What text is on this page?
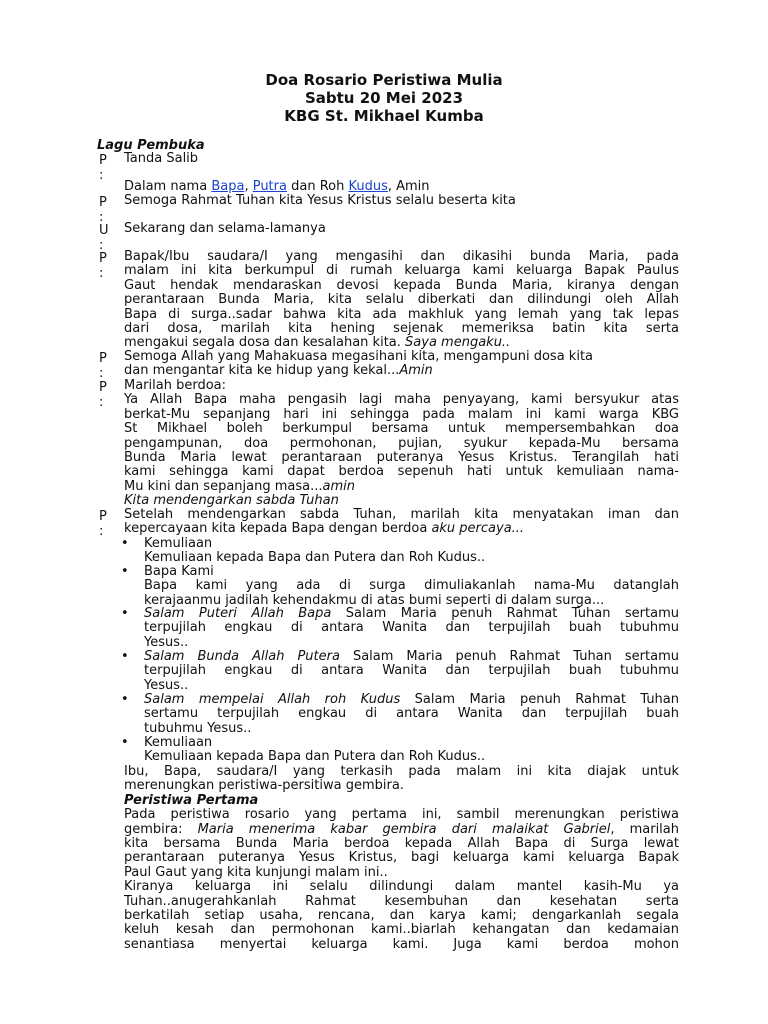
Doa Rosario Peristiwa Mulia
Sabtu 20 Mei 2023
KBG St. Mikhael Kumba
Lagu Pembuka
P
:
Tanda Salib
Dalam nama Bapa, Putra dan Roh Kudus, Amin
P
:
Semoga Rahmat Tuhan kita Yesus Kristus selalu beserta kita
U
:
Sekarang dan selama-lamanya
P
:
Bapak/Ibu saudara/I yang mengasihi dan dikasihi bunda Maria, pada
malam ini kita berkumpul di rumah keluarga kami keluarga Bapak Paulus
Gaut hendak mendaraskan devosi kepada Bunda Maria, kiranya dengan
perantaraan Bunda Maria, kita selalu diberkati dan dilindungi oleh Allah
Bapa di surga..sadar bahwa kita ada makhluk yang lemah yang tak lepas
dari dosa, marilah kita hening sejenak memeriksa batin kita serta
mengakui segala dosa dan kesalahan kita. Saya mengaku..
P
:
Semoga Allah yang Mahakuasa megasihani kita, mengampuni dosa kita
dan mengantar kita ke hidup yang kekal...Amin
P
:
Marilah berdoa:
Ya Allah Bapa maha pengasih lagi maha penyayang, kami bersyukur atas
berkat-Mu sepanjang hari ini sehingga pada malam ini kami warga KBG
St Mikhael boleh berkumpul bersama untuk mempersembahkan doa
pengampunan, doa permohonan, pujian, syukur kepada-Mu bersama
Bunda Maria lewat perantaraan puteranya Yesus Kristus. Terangilah hati
kami sehingga kami dapat berdoa sepenuh hati untuk kemuliaan nama-
Mu kini dan sepanjang masa...amin
Kita mendengarkan sabda Tuhan
P
:
Setelah mendengarkan sabda Tuhan, marilah kita menyatakan iman dan
kepercayaan kita kepada Bapa dengan berdoa aku percaya...
• Kemuliaan
Kemuliaan kepada Bapa dan Putera dan Roh Kudus..
• Bapa Kami
Bapa kami yang ada di surga dimuliakanlah nama-Mu datanglah
kerajaanmu jadilah kehendakmu di atas bumi seperti di dalam surga...
• Salam Puteri Allah Bapa Salam Maria penuh Rahmat Tuhan sertamu
terpujilah engkau di antara Wanita dan terpujilah buah tubuhmu
Yesus..
• Salam Bunda Allah Putera Salam Maria penuh Rahmat Tuhan sertamu
terpujilah engkau di antara Wanita dan terpujilah buah tubuhmu
Yesus..
• Salam mempelai Allah roh Kudus Salam Maria penuh Rahmat Tuhan
sertamu terpujilah engkau di antara Wanita dan terpujilah buah
tubuhmu Yesus..
• Kemuliaan
Kemuliaan kepada Bapa dan Putera dan Roh Kudus..
Ibu, Bapa, saudara/I yang terkasih pada malam ini kita diajak untuk
merenungkan peristiwa-persitiwa gembira.
Peristiwa Pertama
Pada peristiwa rosario yang pertama ini, sambil merenungkan peristiwa
gembira: Maria menerima kabar gembira dari malaikat Gabriel, marilah
kita bersama Bunda Maria berdoa kepada Allah Bapa di Surga lewat
perantaraan puteranya Yesus Kristus, bagi keluarga kami keluarga Bapak
Paul Gaut yang kita kunjungi malam ini..
Kiranya keluarga ini selalu dilindungi dalam mantel kasih-Mu ya
Tuhan..anugerahkanlah Rahmat kesembuhan dan kesehatan serta
berkatilah setiap usaha, rencana, dan karya kami; dengarkanlah segala
keluh kesah dan permohonan kami..biarlah kehangatan dan kedamaian
senantiasa menyertai keluarga kami. Juga kami berdoa mohon
